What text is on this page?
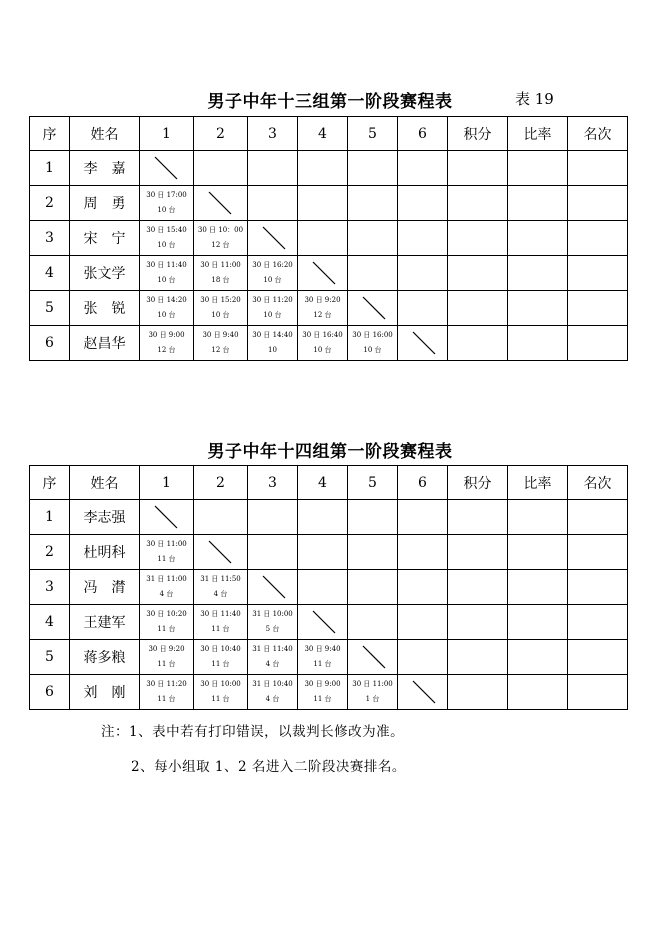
男子中年十三组第一阶段赛程表	表 19
序	姓名	1	2	3	4	5	6	积分	比率	名次
1	李　嘉	

2	周　勇	30 日 17:00
10 台

3	宋　宁	30 日 15:40
10 台	30 日 10：00
12 台

4	张文学	30 日 11:40
10 台	30 日 11:00
18 台	30 日 16:20
10 台

5	张　锐	30 日 14:20
10 台	30 日 15:20
10 台	30 日 11:20
10 台	30 日 9:20
12 台

6	赵昌华	30 日 9:00
12 台	30 日 9:40
12 台	30 日 14:40
10	30 日 16:40
10 台	30 日 16:00
10 台

男子中年十四组第一阶段赛程表
序	姓名	1	2	3	4	5	6	积分	比率	名次
1	李志强	

2	杜明科	30 日 11:00
11 台

3	冯　潸	31 日 11:00
4 台	31 日 11:50
4 台

4	王建军	30 日 10:20
11 台	30 日 11:40
11 台	31 日 10:00
5 台

5	蒋多粮	30 日 9:20
11 台	30 日 10:40
11 台	31 日 11:40
4 台	30 日 9:40
11 台

6	刘　刚	30 日 11:20
11 台	30 日 10:00
11 台	31 日 10:40
4 台	30 日 9:00
11 台	30 日 11:00
1 台

注：1、表中若有打印错误，以裁判长修改为准。
2、每小组取 1、2 名进入二阶段决赛排名。
